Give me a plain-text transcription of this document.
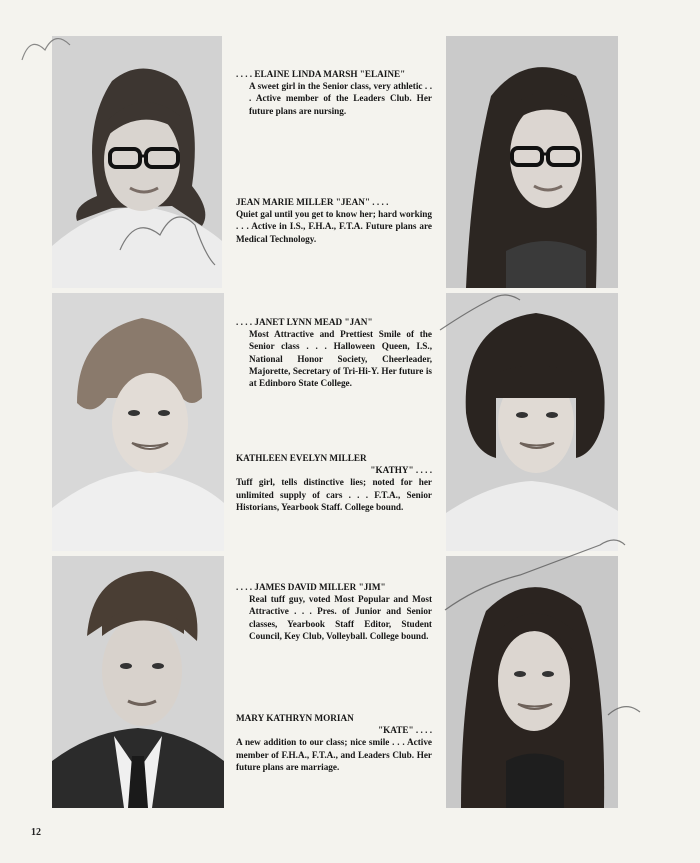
. . . . ELAINE LINDA MARSH "ELAINE"
A sweet girl in the Senior class, very athletic . . . Active member of the Leaders Club. Her future plans are nursing.
JEAN MARIE MILLER "JEAN" . . . .
Quiet gal until you get to know her; hard working . . . Active in I.S., F.H.A., F.T.A. Future plans are Medical Technology.
. . . . JANET LYNN MEAD "JAN"
Most Attractive and Prettiest Smile of the Senior class . . . Halloween Queen, I.S., National Honor Society, Cheerleader, Majorette, Secretary of Tri-Hi-Y. Her future is at Edinboro State College.
KATHLEEN EVELYN MILLER
"KATHY" . . . .
Tuff girl, tells distinctive lies; noted for her unlimited supply of cars . . . F.T.A., Senior Historians, Yearbook Staff. College bound.
. . . . JAMES DAVID MILLER "JIM"
Real tuff guy, voted Most Popular and Most Attractive . . . Pres. of Junior and Senior classes, Yearbook Staff Editor, Student Council, Key Club, Volleyball. College bound.
MARY KATHRYN MORIAN
"KATE" . . . .
A new addition to our class; nice smile . . . Active member of F.H.A., F.T.A., and Leaders Club. Her future plans are marriage.
12
